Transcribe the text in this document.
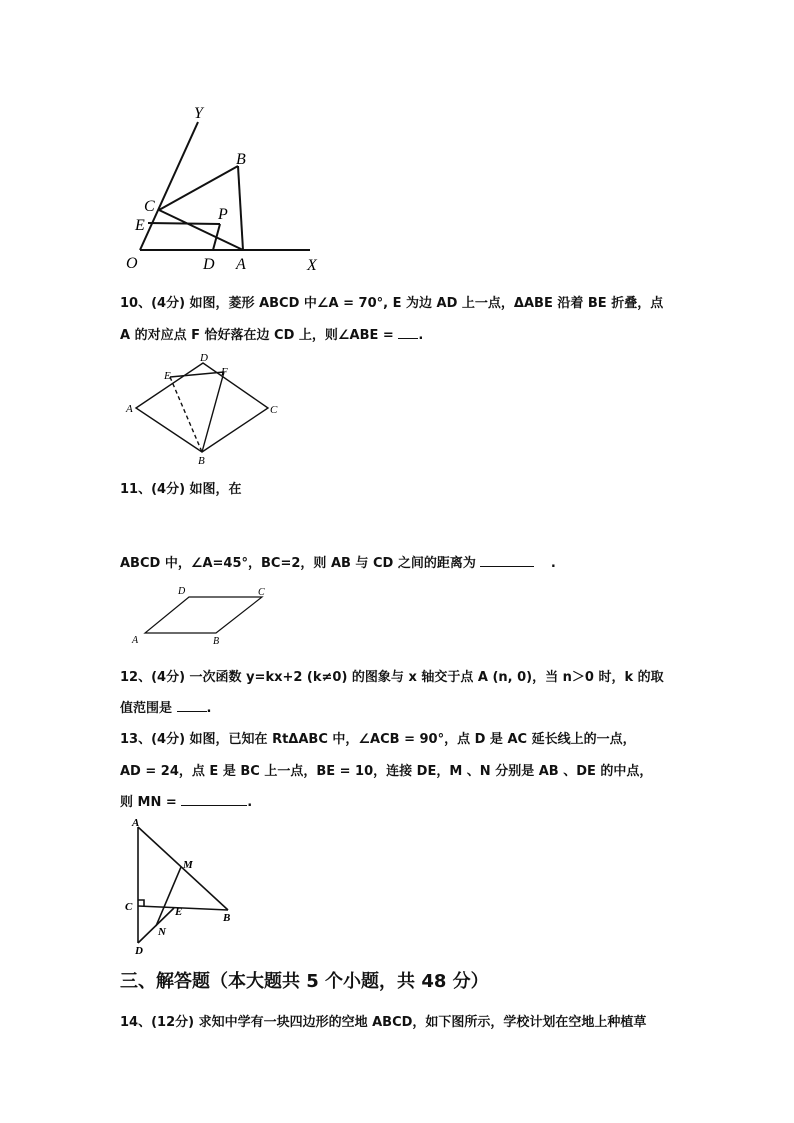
Y
B
C
E
P
O	D A	X
10、(4分) 如图，菱形 ABCD 中∠A = 70°, E 为边 AD 上一点，ΔABE 沿着 BE 折叠，点
A 的对应点 F 恰好落在边 CD 上，则∠ABE = .
A
B
C
D
E	F
11、(4分) 如图，在
ABCD 中，∠A=45°，BC=2，则 AB 与 CD 之间的距离为	.
A	B
C
D
12、(4分) 一次函数 y=kx+2 (k≠0) 的图象与 x 轴交于点 A (n, 0)，当 n＞0 时，k 的取
值范围是	.
13、(4分) 如图，已知在 RtΔABC 中，∠ACB = 90°，点 D 是 AC 延长线上的一点，
AD = 24，点 E 是 BC 上一点，BE = 10，连接 DE，M 、N 分别是 AB 、DE 的中点，
则 MN =	.
A
M
C	E	B
N
D
三、解答题（本大题共 5 个小题，共 48 分）
14、(12分) 求知中学有一块四边形的空地 ABCD，如下图所示，学校计划在空地上种植草
